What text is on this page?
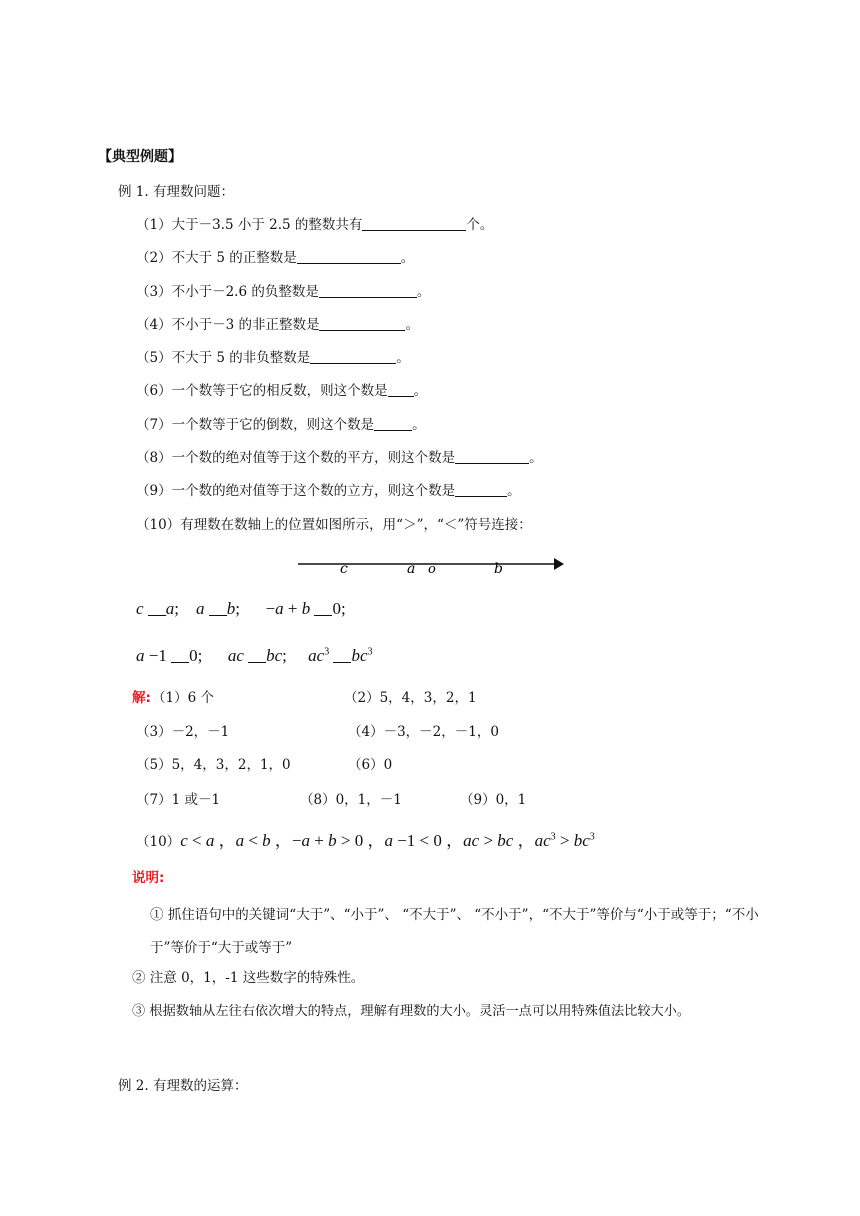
【典型例题】
例 1. 有理数问题：
（1）大于－3.5 小于 2.5 的整数共有	个。
（2）不大于 5 的正整数是	。
（3）不小于－2.6 的负整数是	。
（4）不小于－3 的非正整数是	。
（5）不大于 5 的非负整数是	。
（6）一个数等于它的相反数，则这个数是 。
（7）一个数等于它的倒数，则这个数是	。
（8）一个数的绝对值等于这个数的平方，则这个数是	。
（9）一个数的绝对值等于这个数的立方，则这个数是	。
（10）有理数在数轴上的位置如图所示，用“＞”，“＜”符号连接：
c	a o	b
c a;    a b;      −a + b 0;
a −1 0;      ac bc;     $ac^3$ $bc^3$
解: （1）6 个	（2）5，4，3，2，1
（3）－2，－1	（4）－3，－2，－1，0
（5）5，4，3，2，1，0	（6）0
（7）1 或－1	（8）0，1，－1	（9）0，1
（10）c < a ，a < b ，−a + b > 0 ，a −1 < 0 ，ac > bc ，$ac^3 > bc^3$
说明:
① 抓住语句中的关键词“大于”、“小于”、 “不大于”、 “不小于”，“不大于”等价与“小于或等于；“不小于”等价于“大于或等于”
② 注意 0，1，-1 这些数字的特殊性。
③ 根据数轴从左往右依次增大的特点，理解有理数的大小。灵活一点可以用特殊值法比较大小。
例 2. 有理数的运算：
